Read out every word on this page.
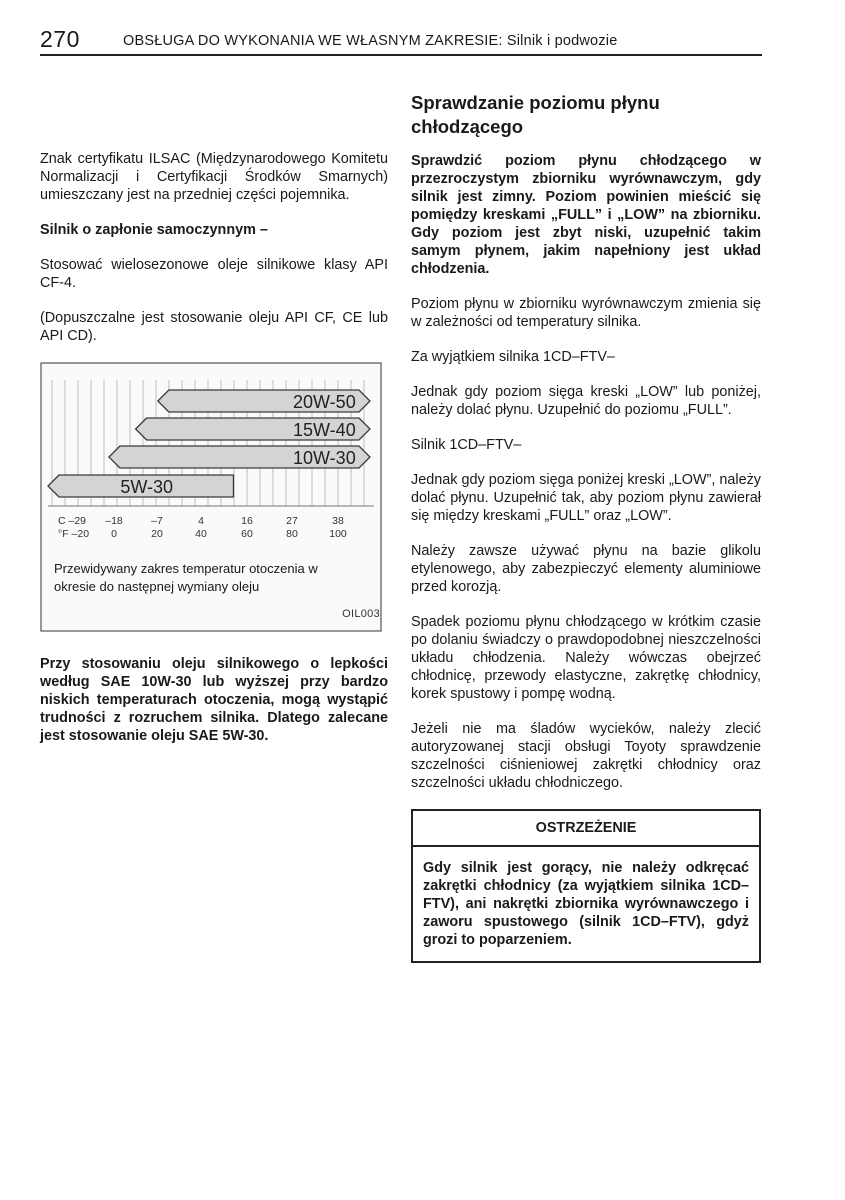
270	OBSŁUGA DO WYKONANIA WE WŁASNYM ZAKRESIE: Silnik i podwozie

Znak certyfikatu ILSAC (Międzynarodowego Komitetu Normalizacji i Certyfikacji Środków Smarnych) umieszczany jest na przedniej części pojemnika.

Silnik o zapłonie samoczynnym –

Stosować wielosezonowe oleje silnikowe klasy API CF-4.

(Dopuszczalne jest stosowanie oleju API CF, CE lub API CD).

20W-50
15W-40
10W-30
5W-30
C –29 –18	–7	4	16	27	38
°F –20 0	20	40	60	80	100
Przewidywany zakres temperatur otoczenia w okresie do następnej wymiany oleju
OIL003

Przy stosowaniu oleju silnikowego o lepkości według SAE 10W-30 lub wyższej przy bardzo niskich temperaturach otoczenia, mogą wystąpić trudności z rozruchem silnika. Dlatego zalecane jest stosowanie oleju SAE 5W-30.

Sprawdzanie poziomu płynu chłodzącego

Sprawdzić poziom płynu chłodzącego w przezroczystym zbiorniku wyrównawczym, gdy silnik jest zimny. Poziom powinien mieścić się pomiędzy kreskami „FULL” i „LOW” na zbiorniku. Gdy poziom jest zbyt niski, uzupełnić takim samym płynem, jakim napełniony jest układ chłodzenia.

Poziom płynu w zbiorniku wyrównawczym zmienia się w zależności od temperatury silnika.

Za wyjątkiem silnika 1CD–FTV–

Jednak gdy poziom sięga kreski „LOW” lub poniżej, należy dolać płynu. Uzupełnić do poziomu „FULL”.

Silnik 1CD–FTV–

Jednak gdy poziom sięga poniżej kreski „LOW”, należy dolać płynu. Uzupełnić tak, aby poziom płynu zawierał się między kreskami „FULL” oraz „LOW”.

Należy zawsze używać płynu na bazie glikolu etylenowego, aby zabezpieczyć elementy aluminiowe przed korozją.

Spadek poziomu płynu chłodzącego w krótkim czasie po dolaniu świadczy o prawdopodobnej nieszczelności układu chłodzenia. Należy wówczas obejrzeć chłodnicę, przewody elastyczne, zakrętkę chłodnicy, korek spustowy i pompę wodną.

Jeżeli nie ma śladów wycieków, należy zlecić autoryzowanej stacji obsługi Toyoty sprawdzenie szczelności ciśnieniowej zakrętki chłodnicy oraz szczelności układu chłodniczego.

OSTRZEŻENIE
Gdy silnik jest gorący, nie należy odkręcać zakrętki chłodnicy (za wyjątkiem silnika 1CD–FTV), ani nakrętki zbiornika wyrównawczego i zaworu spustowego (silnik 1CD–FTV), gdyż grozi to poparzeniem.
